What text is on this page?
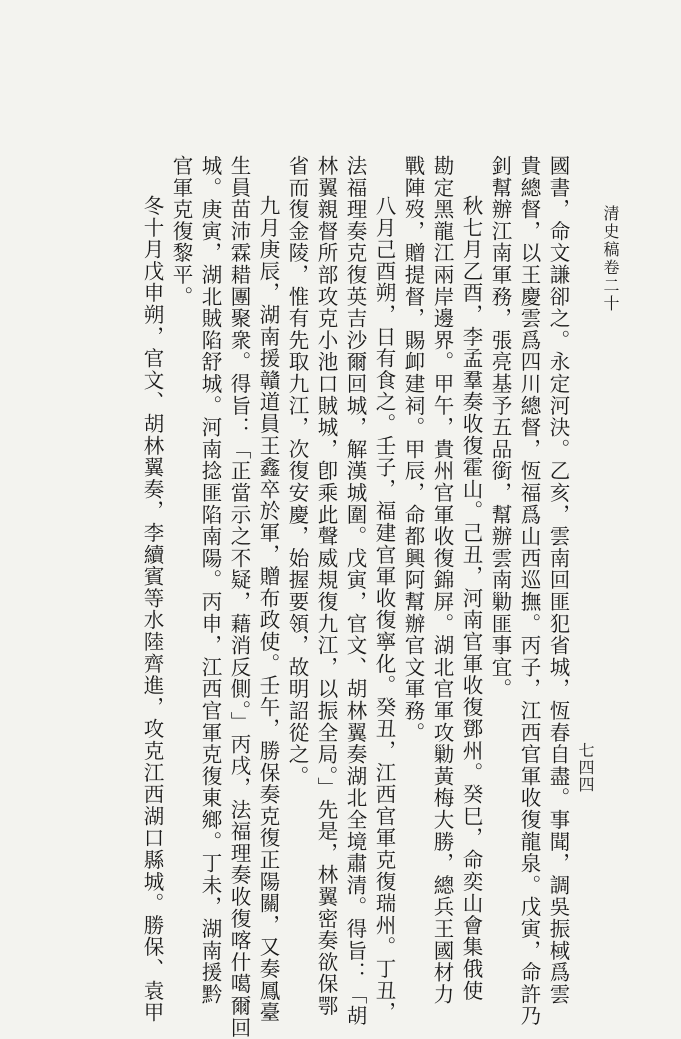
清史稿卷二十
七四四
國書，命文謙卻之。永定河決。乙亥，雲南回匪犯省城，恆春自盡。事聞，調吳振棫爲雲
貴總督，以王慶雲爲四川總督，恆福爲山西巡撫。丙子，江西官軍收復龍泉。戊寅，命許乃
釗幫辦江南軍務，張亮基予五品銜，幫辦雲南勦匪事宜。
秋七月乙酉，李孟羣奏收復霍山。己丑，河南官軍收復鄧州。癸巳，命奕山會集俄使
勘定黑龍江兩岸邊界。甲午，貴州官軍收復錦屏。湖北官軍攻勦黃梅大勝，總兵王國材力
戰陣歿，贈提督，賜卹建祠。甲辰，命都興阿幫辦官文軍務。
八月己酉朔，日有食之。壬子，福建官軍收復寧化。癸丑，江西官軍克復瑞州。丁丑，
法福理奏克復英吉沙爾回城，解漢城圍。戊寅，官文、胡林翼奏湖北全境肅清。得旨：「胡
林翼親督所部攻克小池口賊城，卽乘此聲威規復九江，以振全局。」先是，林翼密奏欲保鄂
省而復金陵，惟有先取九江，次復安慶，始握要領，故明詔從之。
九月庚辰，湖南援贛道員王鑫卒於軍，贈布政使。壬午，勝保奏克復正陽關，又奏鳳臺
生員苗沛霖耤團聚衆。得旨：「正當示之不疑，藉消反側。」丙戌，法福理奏收復喀什噶爾回
城。庚寅，湖北賊陷舒城。河南捻匪陷南陽。丙申，江西官軍克復東鄉。丁未，湖南援黔
官軍克復黎平。
冬十月戊申朔，官文、胡林翼奏，李續賓等水陸齊進，攻克江西湖口縣城。勝保、袁甲
